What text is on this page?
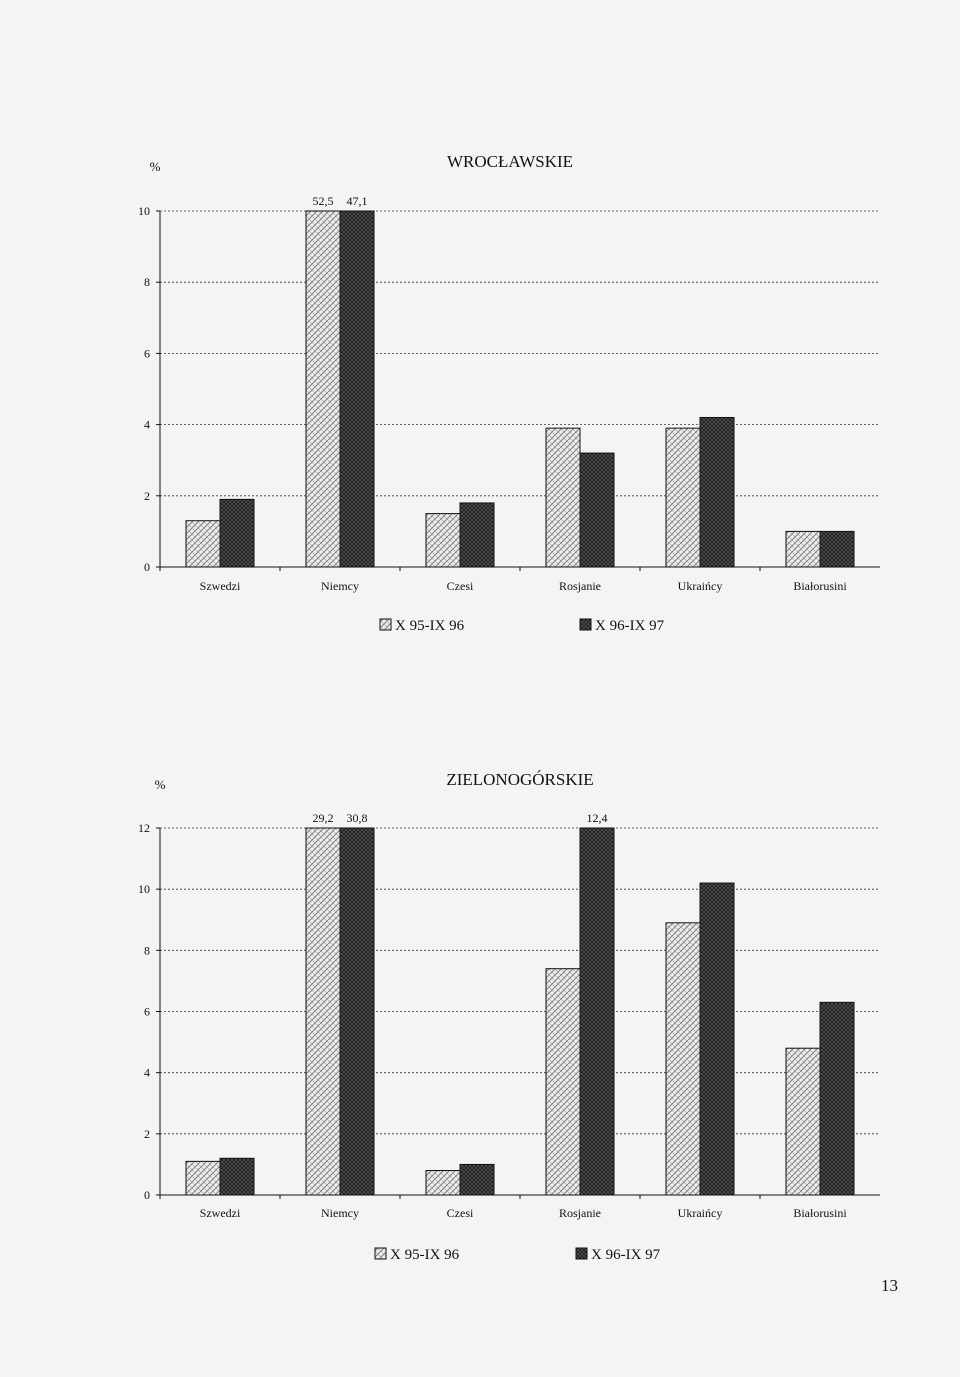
WROCŁAWSKIE
%
0
2
4
6
8
10
Szwedzi	Niemcy	Czesi	Rosjanie	Ukraińcy	Białorusini
52,5 47,1
X 95-IX 96	X 96-IX 97
ZIELONOGÓRSKIE
%
0
2
4
6
8
10
12
Szwedzi	Niemcy	Czesi	Rosjanie	Ukraińcy	Białorusini
29,2 30,8	12,4
X 95-IX 96	X 96-IX 97
13
